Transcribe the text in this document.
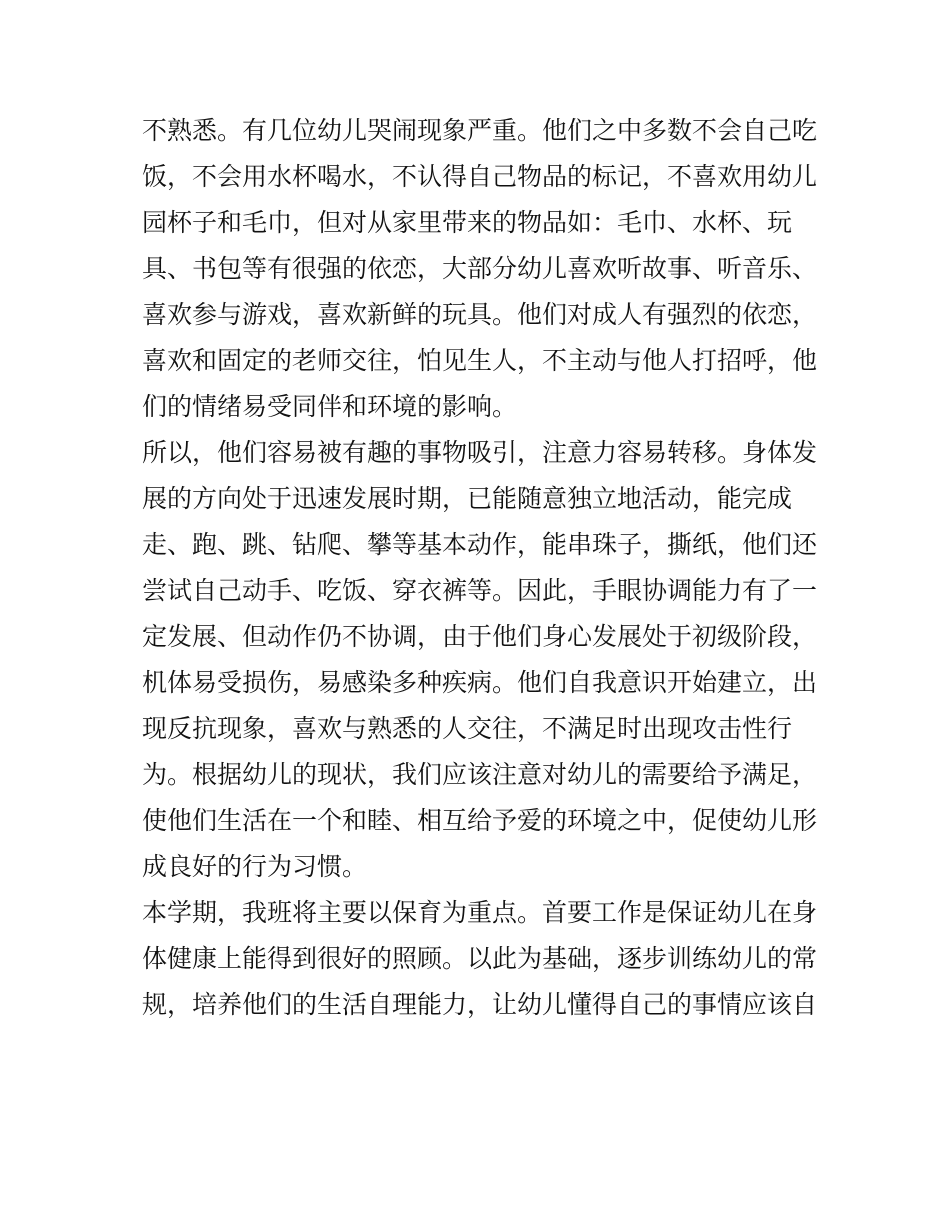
不熟悉。有几位幼儿哭闹现象严重。他们之中多数不会自己吃
饭，不会用水杯喝水，不认得自己物品的标记，不喜欢用幼儿
园杯子和毛巾，但对从家里带来的物品如：毛巾、水杯、玩
具、书包等有很强的依恋，大部分幼儿喜欢听故事、听音乐、
喜欢参与游戏，喜欢新鲜的玩具。他们对成人有强烈的依恋，
喜欢和固定的老师交往，怕见生人，不主动与他人打招呼，他
们的情绪易受同伴和环境的影响。
所以，他们容易被有趣的事物吸引，注意力容易转移。身体发
展的方向处于迅速发展时期，已能随意独立地活动，能完成
走、跑、跳、钻爬、攀等基本动作，能串珠子，撕纸，他们还
尝试自己动手、吃饭、穿衣裤等。因此，手眼协调能力有了一
定发展、但动作仍不协调，由于他们身心发展处于初级阶段，
机体易受损伤，易感染多种疾病。他们自我意识开始建立，出
现反抗现象，喜欢与熟悉的人交往，不满足时出现攻击性行
为。根据幼儿的现状，我们应该注意对幼儿的需要给予满足，
使他们生活在一个和睦、相互给予爱的环境之中，促使幼儿形
成良好的行为习惯。
本学期，我班将主要以保育为重点。首要工作是保证幼儿在身
体健康上能得到很好的照顾。以此为基础，逐步训练幼儿的常
规，培养他们的生活自理能力，让幼儿懂得自己的事情应该自
